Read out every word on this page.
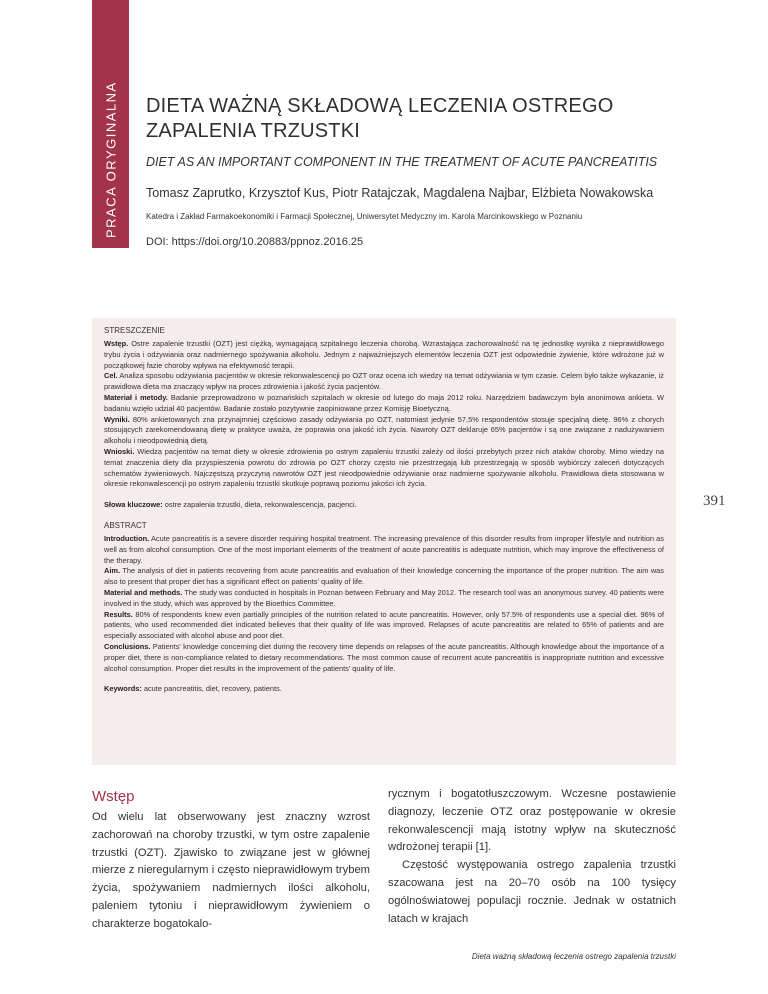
PRACA ORYGINALNA DIETA WAŻNĄ SKŁADOWĄ LECZENIA OSTREGO ZAPALENIA TRZUSTKI
DIET AS AN IMPORTANT COMPONENT IN THE TREATMENT OF ACUTE PANCREATITIS
Tomasz Zaprutko, Krzysztof Kus, Piotr Ratajczak, Magdalena Najbar, Elżbieta Nowakowska
Katedra i Zakład Farmakoekonomiki i Farmacji Społecznej, Uniwersytet Medyczny im. Karola Marcinkowskiego w Poznaniu
DOI: https://doi.org/10.20883/ppnoz.2016.25
STRESZCZENIE

Wstęp. Ostre zapalenie trzustki (OZT) jest ciężką, wymagającą szpitalnego leczenia chorobą. Wzrastająca zachorowalność na tę jednostkę wynika z nieprawidłowego trybu życia i odżywiania oraz nadmiernego spożywania alkoholu. Jednym z najważniejszych elementów leczenia OZT jest odpowiednie żywienie, które wdrożone już w początkowej fazie choroby wpływa na efektywność terapii.

Cel. Analiza sposobu odżywiania pacjentów w okresie rekonwalescencji po OZT oraz ocena ich wiedzy na temat odżywiania w tym czasie. Celem było także wykazanie, iż prawidłowa dieta ma znaczący wpływ na proces zdrowienia i jakość życia pacjentów.

Materiał i metody. Badanie przeprowadzono w poznańskich szpitalach w okresie od lutego do maja 2012 roku. Narzędziem badawczym była anonimowa ankieta. W badaniu wzięło udział 40 pacjentów. Badanie zostało pozytywnie zaopiniowane przez Komisję Bioetyczną.

Wyniki. 80% ankietowanych zna przynajmniej częściowo zasady odżywiania po OZT, natomiast jedynie 57,5% respondentów stosuje specjalną dietę. 96% z chorych stosujących zarekomendowaną dietę w praktyce uważa, że poprawia ona jakość ich życia. Nawroty OZT deklaruje 65% pacjentów i są one związane z nadużywaniem alkoholu i nieodpowiednią dietą.

Wnioski. Wiedza pacjentów na temat diety w okresie zdrowienia po ostrym zapaleniu trzustki zależy od ilości przebytych przez nich ataków choroby. Mimo wiedzy na temat znaczenia diety dla przyspieszenia powrotu do zdrowia po OZT chorzy często nie przestrzegają lub przestrzegają w sposób wybiórczy zaleceń dotyczących schematów żywieniowych. Najczęstszą przyczyną nawrotów OZT jest nieodpowiednie odżywianie oraz nadmierne spożywanie alkoholu. Prawidłowa dieta stosowana w okresie rekonwalescencji po ostrym zapaleniu trzustki skutkuje poprawą poziomu jakości ich życia.

Słowa kluczowe: ostre zapalenia trzustki, dieta, rekonwalescencja, pacjenci.

ABSTRACT

Introduction. Acute pancreatitis is a severe disorder requiring hospital treatment. The increasing prevalence of this disorder results from improper lifestyle and nutrition as well as from alcohol consumption. One of the most important elements of the treatment of acute pancreatitis is adequate nutrition, which may improve the effectiveness of the therapy.

Aim. The analysis of diet in patients recovering from acute pancreatitis and evaluation of their knowledge concerning the importance of the proper nutrition. The aim was also to present that proper diet has a significant effect on patients' quality of life.

Material and methods. The study was conducted in hospitals in Poznan between February and May 2012. The research tool was an anonymous survey. 40 patients were involved in the study, which was approved by the Bioethics Committee.

Results. 80% of respondents knew even partially principles of the nutrition related to acute pancreatitis. However, only 57.5% of respondents use a special diet. 96% of patients, who used recommended diet indicated believes that their quality of life was improved. Relapses of acute pancreatitis are related to 65% of patients and are especially associated with alcohol abuse and poor diet.

Conclusions. Patients' knowledge concerning diet during the recovery time depends on relapses of the acute pancreatitis. Although knowledge about the importance of a proper diet, there is non-compliance related to dietary recommendations. The most common cause of recurrent acute pancreatitis is inappropriate nutrition and excessive alcohol consumption. Proper diet results in the improvement of the patients' quality of life.

Keywords: acute pancreatitis, diet, recovery, patients.

391
Wstęp

Od wielu lat obserwowany jest znaczny wzrost zachorowań na choroby trzustki, w tym ostre zapalenie trzustki (OZT). Zjawisko to związane jest w głównej mierze z nieregularnym i często nieprawidłowym trybem życia, spożywaniem nadmiernych ilości alkoholu, paleniem tytoniu i nieprawidłowym żywieniem o charakterze bogatokalo-

rycznym i bogatotłuszczowym. Wczesne postawienie diagnozy, leczenie OTZ oraz postępowanie w okresie rekonwalescencji mają istotny wpływ na skuteczność wdrożonej terapii [1].

Częstość występowania ostrego zapalenia trzustki szacowana jest na 20–70 osób na 100 tysięcy ogólnoświatowej populacji rocznie. Jednak w ostatnich latach w krajach

Dieta ważną składową leczenia ostrego zapalenia trzustki
